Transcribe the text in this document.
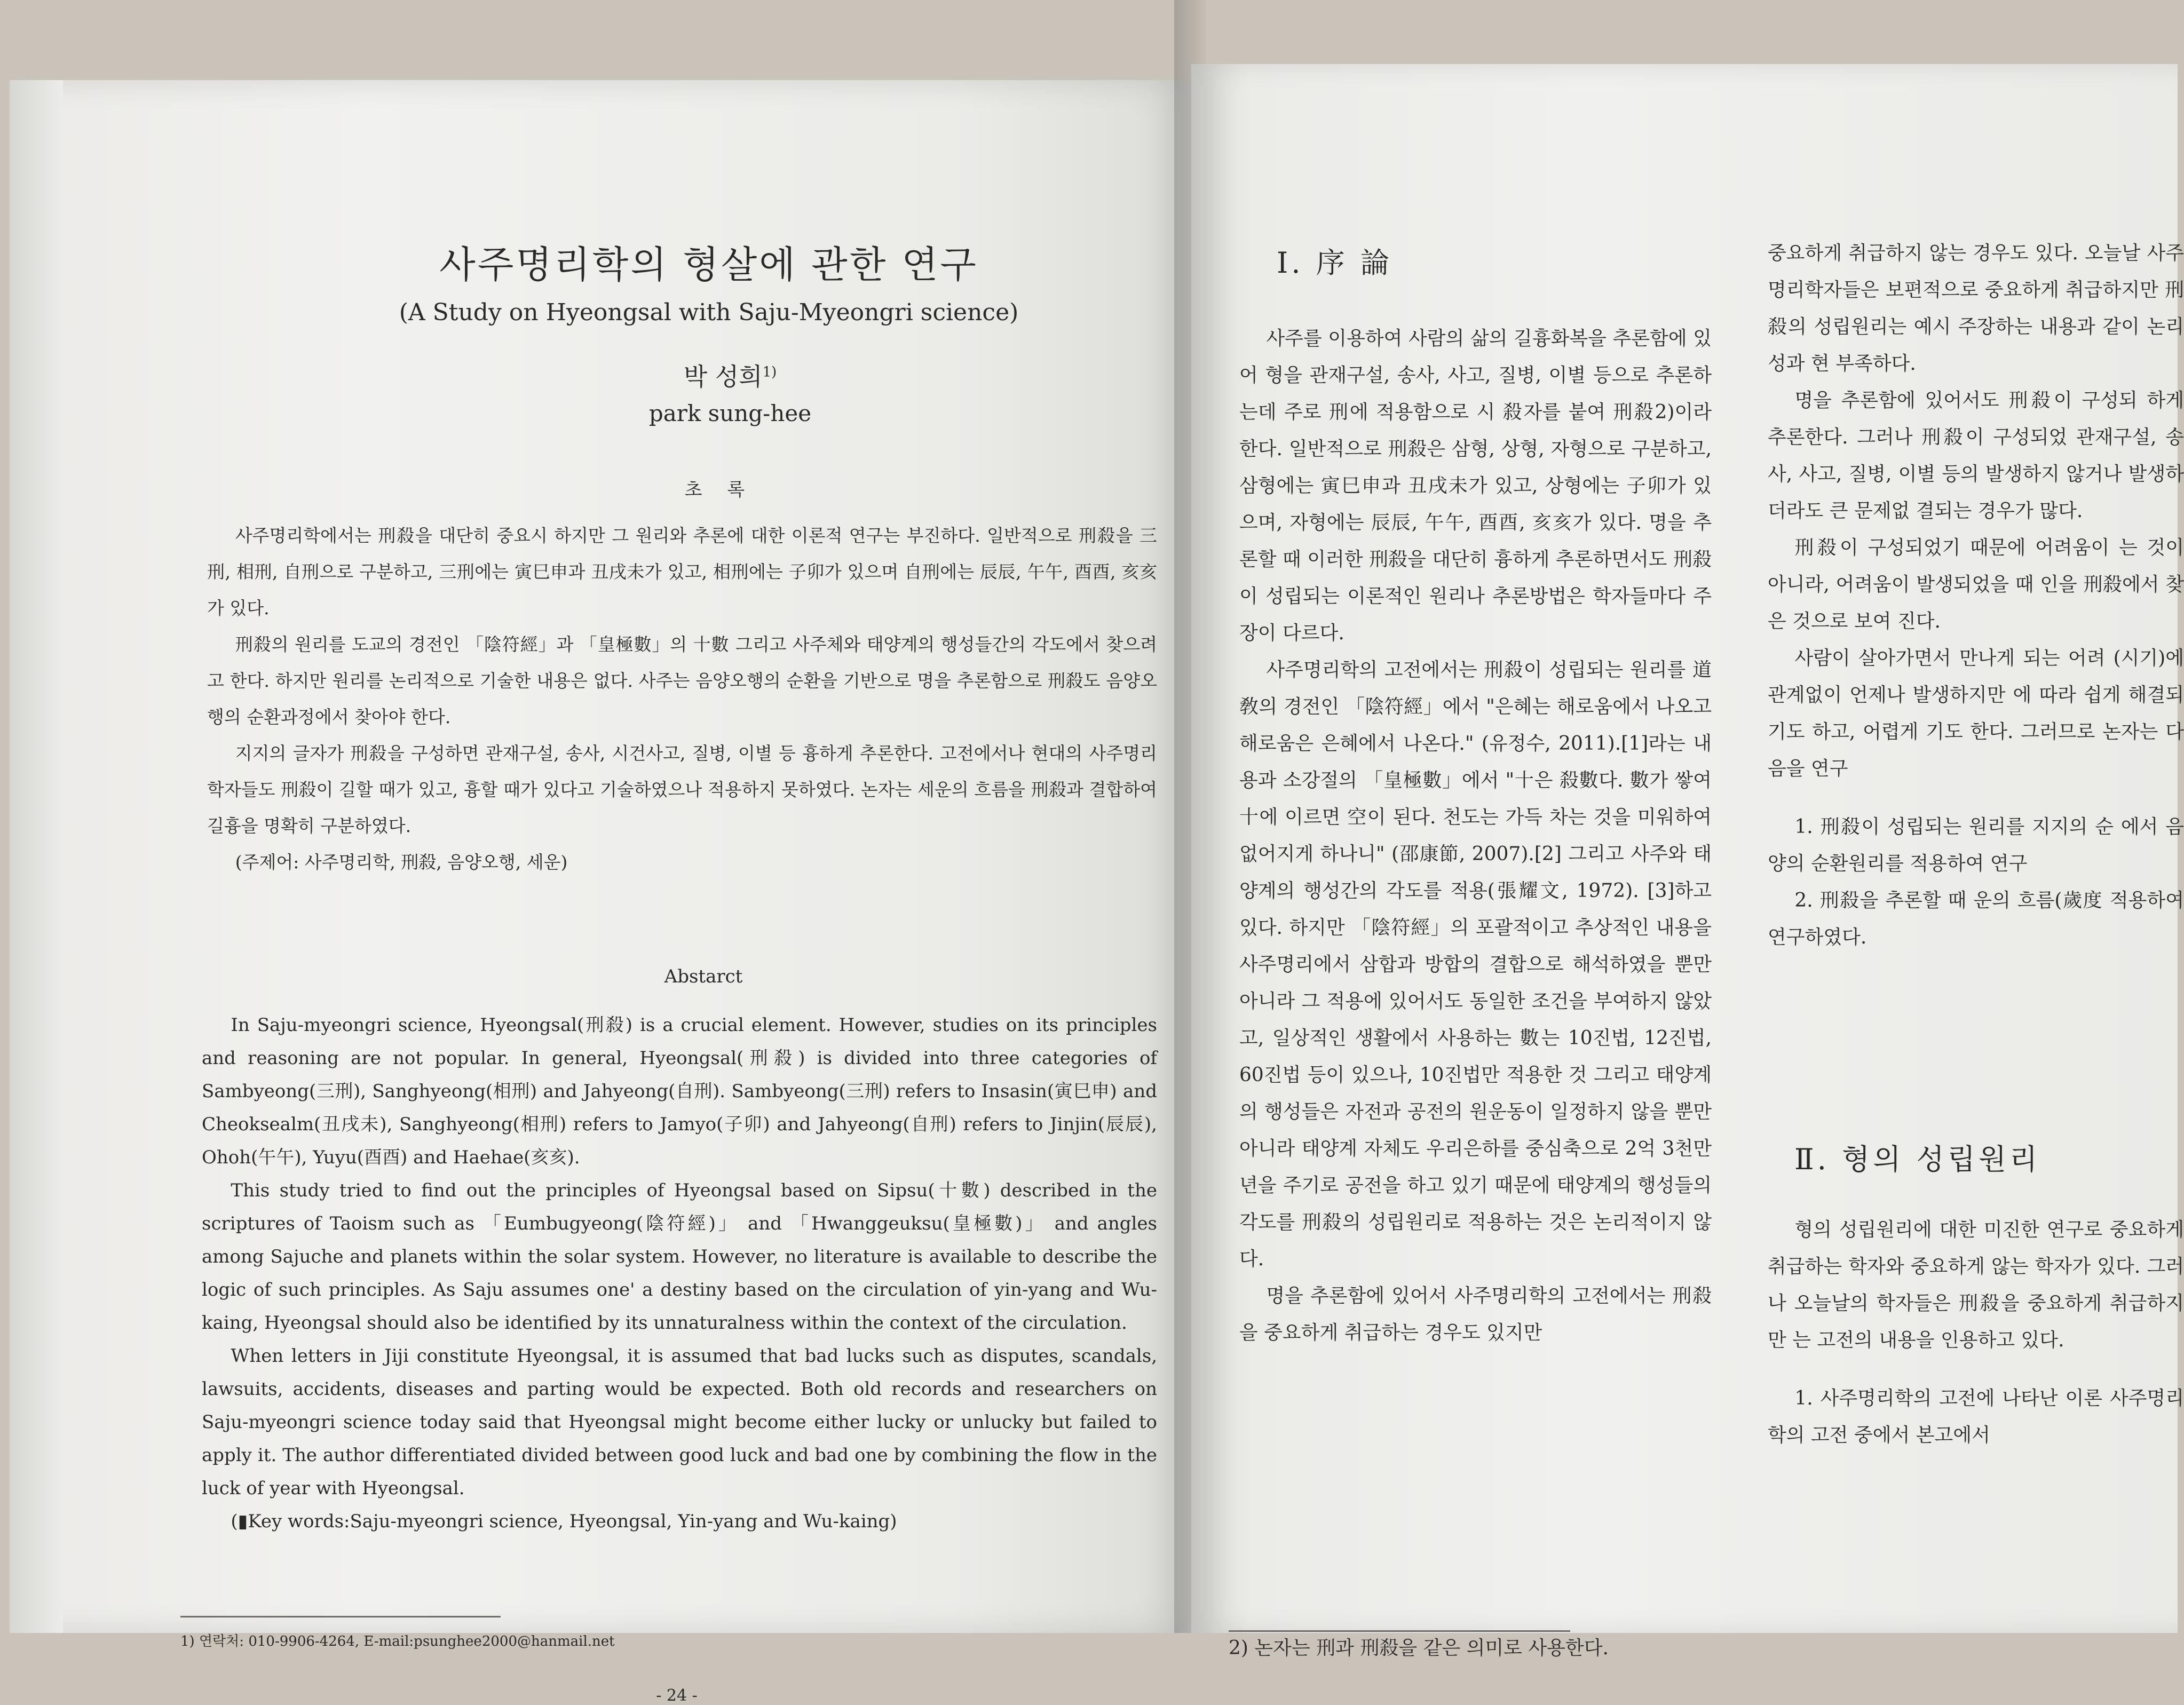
사주명리학의 형살에 관한 연구
(A Study on Hyeongsal with Saju-Myeongri science)
박 성희$^{1)}$
park sung-hee
초 록

사주명리학에서는 刑殺을 대단히 중요시 하지만 그 원리와 추론에 대한 이론적 연구는 부진하다. 일반적으로 刑殺을 三刑, 相刑, 自刑으로 구분하고, 三刑에는 寅巳申과 丑戌未가 있고, 相刑에는 子卯가 있으며 自刑에는 辰辰, 午午, 酉酉, 亥亥가 있다.

刑殺의 원리를 도교의 경전인 「陰符經」과 「皇極數」의 十數 그리고 사주체와 태양계의 행성들간의 각도에서 찾으려고 한다. 하지만 원리를 논리적으로 기술한 내용은 없다. 사주는 음양오행의 순환을 기반으로 명을 추론함으로 刑殺도 음양오행의 순환과정에서 찾아야 한다.

지지의 글자가 刑殺을 구성하면 관재구설, 송사, 시건사고, 질병, 이별 등 흉하게 추론한다. 고전에서나 현대의 사주명리학자들도 刑殺이 길할 때가 있고, 흉할 때가 있다고 기술하였으나 적용하지 못하였다. 논자는 세운의 흐름을 刑殺과 결합하여 길흉을 명확히 구분하였다.

(주제어: 사주명리학, 刑殺, 음양오행, 세운)

Abstarct

In Saju-myeongri science, Hyeongsal(刑殺) is a crucial element. However, studies on its principles and reasoning are not popular. In general, Hyeongsal(刑殺) is divided into three categories of Sambyeong(三刑), Sanghyeong(相刑) and Jahyeong(自刑). Sambyeong(三刑) refers to Insasin(寅巳申) and Cheoksealm(丑戌未), Sanghyeong(相刑) refers to Jamyo(子卯) and Jahyeong(自刑) refers to Jinjin(辰辰), Ohoh(午午), Yuyu(酉酉) and Haehae(亥亥).

This study tried to find out the principles of Hyeongsal based on Sipsu(十數) described in the scriptures of Taoism such as 「Eumbugyeong(陰符經)」 and 「Hwanggeuksu(皇極數)」 and angles among Sajuche and planets within the solar system. However, no literature is available to describe the logic of such principles. As Saju assumes one' a destiny based on the circulation of yin-yang and Wu-kaing, Hyeongsal should also be identified by its unnaturalness within the context of the circulation.

When letters in Jiji constitute Hyeongsal, it is assumed that bad lucks such as disputes, scandals, lawsuits, accidents, diseases and parting would be expected. Both old records and researchers on Saju-myeongri science today said that Hyeongsal might become either lucky or unlucky but failed to apply it. The author differentiated divided between good luck and bad one by combining the flow in the luck of year with Hyeongsal.

(▮Key words:Saju-myeongri science, Hyeongsal, Yin-yang and Wu-kaing)

1) 연락처: 010-9906-4264, E-mail:psunghee2000@hanmail.net
- 24 -
Ⅰ. 序 論

사주를 이용하여 사람의 삶의 길흉화복을 추론함에 있어 형을 관재구설, 송사, 사고, 질병, 이별 등으로 추론하는데 주로 刑에 적용함으로 시 殺자를 붙여 刑殺2)이라 한다. 일반적으로 刑殺은 삼형, 상형, 자형으로 구분하고, 삼형에는 寅巳申과 丑戌未가 있고, 상형에는 子卯가 있으며, 자형에는 辰辰, 午午, 酉酉, 亥亥가 있다. 명을 추론할 때 이러한 刑殺을 대단히 흉하게 추론하면서도 刑殺이 성립되는 이론적인 원리나 추론방법은 학자들마다 주장이 다르다.

사주명리학의 고전에서는 刑殺이 성립되는 원리를 道敎의 경전인 「陰符經」에서 "은혜는 해로움에서 나오고 해로움은 은혜에서 나온다." (유정수, 2011).[1]라는 내용과 소강절의 「皇極數」에서 "十은 殺數다. 數가 쌓여 十에 이르면 空이 된다. 천도는 가득 차는 것을 미워하여 없어지게 하나니" (邵康節, 2007).[2] 그리고 사주와 태양계의 행성간의 각도를 적용(張耀文, 1972). [3]하고 있다. 하지만 「陰符經」의 포괄적이고 추상적인 내용을 사주명리에서 삼합과 방합의 결합으로 해석하였을 뿐만 아니라 그 적용에 있어서도 동일한 조건을 부여하지 않았고, 일상적인 생활에서 사용하는 數는 10진법, 12진법, 60진법 등이 있으나, 10진법만 적용한 것 그리고 태양계의 행성들은 자전과 공전의 원운동이 일정하지 않을 뿐만 아니라 태양계 자체도 우리은하를 중심축으로 2억 3천만년을 주기로 공전을 하고 있기 때문에 태양계의 행성들의 각도를 刑殺의 성립원리로 적용하는 것은 논리적이지 않다.

명을 추론함에 있어서 사주명리학의 고전에서는 刑殺을 중요하게 취급하는 경우도 있지만

중요하게 취급하지 않는 경우도 있다. 오늘날 사주명리학자들은 보편적으로 중요하게 취급하지만 刑殺의 성립원리는 예시 주장하는 내용과 같이 논리성과 현 부족하다.

명을 추론함에 있어서도 刑殺이 구성되 하게 추론한다. 그러나 刑殺이 구성되었 관재구설, 송사, 사고, 질병, 이별 등의 발생하지 않거나 발생하더라도 큰 문제없 결되는 경우가 많다.

刑殺이 구성되었기 때문에 어려움이 는 것이 아니라, 어려움이 발생되었을 때 인을 刑殺에서 찾은 것으로 보여 진다.

사람이 살아가면서 만나게 되는 어려 (시기)에 관계없이 언제나 발생하지만 에 따라 쉽게 해결되기도 하고, 어렵게 기도 한다. 그러므로 논자는 다음을 연구

1. 刑殺이 성립되는 원리를 지지의 순 에서 음양의 순환원리를 적용하여 연구

2. 刑殺을 추론할 때 운의 흐름(歲度 적용하여 연구하였다.

Ⅱ. 형의 성립원리

형의 성립원리에 대한 미진한 연구로 중요하게 취급하는 학자와 중요하게 않는 학자가 있다. 그러나 오늘날의 학자들은 刑殺을 중요하게 취급하지만 는 고전의 내용을 인용하고 있다.

1. 사주명리학의 고전에 나타난 이론 사주명리학의 고전 중에서 본고에서

2) 논자는 刑과 刑殺을 같은 의미로 사용한다.
